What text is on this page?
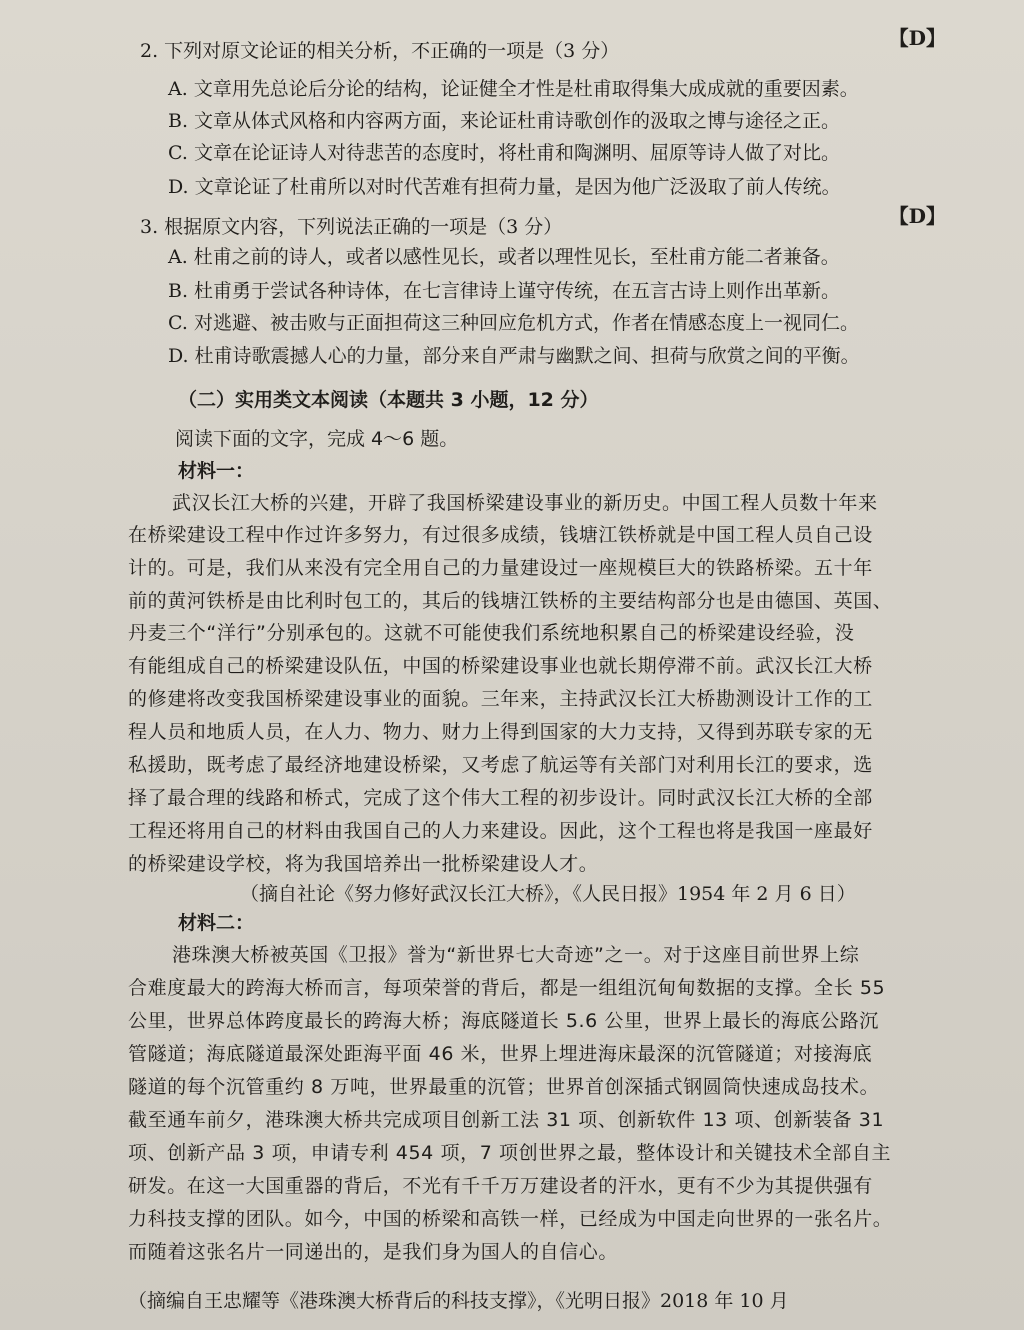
【D】
2. 下列对原文论证的相关分析，不正确的一项是（3 分）
A. 文章用先总论后分论的结构，论证健全才性是杜甫取得集大成成就的重要因素。
B. 文章从体式风格和内容两方面，来论证杜甫诗歌创作的汲取之博与途径之正。
C. 文章在论证诗人对待悲苦的态度时，将杜甫和陶渊明、屈原等诗人做了对比。
D. 文章论证了杜甫所以对时代苦难有担荷力量，是因为他广泛汲取了前人传统。
【D】
3. 根据原文内容，下列说法正确的一项是（3 分）
A. 杜甫之前的诗人，或者以感性见长，或者以理性见长，至杜甫方能二者兼备。
B. 杜甫勇于尝试各种诗体，在七言律诗上谨守传统，在五言古诗上则作出革新。
C. 对逃避、被击败与正面担荷这三种回应危机方式，作者在情感态度上一视同仁。
D. 杜甫诗歌震撼人心的力量，部分来自严肃与幽默之间、担荷与欣赏之间的平衡。
（二）实用类文本阅读（本题共 3 小题，12 分）
阅读下面的文字，完成 4～6 题。
材料一：
武汉长江大桥的兴建，开辟了我国桥梁建设事业的新历史。中国工程人员数十年来
在桥梁建设工程中作过许多努力，有过很多成绩，钱塘江铁桥就是中国工程人员自己设
计的。可是，我们从来没有完全用自己的力量建设过一座规模巨大的铁路桥梁。五十年
前的黄河铁桥是由比利时包工的，其后的钱塘江铁桥的主要结构部分也是由德国、英国、
丹麦三个“洋行”分别承包的。这就不可能使我们系统地积累自己的桥梁建设经验，没
有能组成自己的桥梁建设队伍，中国的桥梁建设事业也就长期停滞不前。武汉长江大桥
的修建将改变我国桥梁建设事业的面貌。三年来，主持武汉长江大桥勘测设计工作的工
程人员和地质人员，在人力、物力、财力上得到国家的大力支持，又得到苏联专家的无
私援助，既考虑了最经济地建设桥梁，又考虑了航运等有关部门对利用长江的要求，选
择了最合理的线路和桥式，完成了这个伟大工程的初步设计。同时武汉长江大桥的全部
工程还将用自己的材料由我国自己的人力来建设。因此，这个工程也将是我国一座最好
的桥梁建设学校，将为我国培养出一批桥梁建设人才。
（摘自社论《努力修好武汉长江大桥》，《人民日报》1954 年 2 月 6 日）
材料二：
港珠澳大桥被英国《卫报》誉为“新世界七大奇迹”之一。对于这座目前世界上综
合难度最大的跨海大桥而言，每项荣誉的背后，都是一组组沉甸甸数据的支撑。全长 55
公里，世界总体跨度最长的跨海大桥；海底隧道长 5.6 公里，世界上最长的海底公路沉
管隧道；海底隧道最深处距海平面 46 米，世界上埋进海床最深的沉管隧道；对接海底
隧道的每个沉管重约 8 万吨，世界最重的沉管；世界首创深插式钢圆筒快速成岛技术。
截至通车前夕，港珠澳大桥共完成项目创新工法 31 项、创新软件 13 项、创新装备 31
项、创新产品 3 项，申请专利 454 项，7 项创世界之最，整体设计和关键技术全部自主
研发。在这一大国重器的背后，不光有千千万万建设者的汗水，更有不少为其提供强有
力科技支撑的团队。如今，中国的桥梁和高铁一样，已经成为中国走向世界的一张名片。
而随着这张名片一同递出的，是我们身为国人的自信心。
（摘编自王忠耀等《港珠澳大桥背后的科技支撑》，《光明日报》2018 年 10 月
